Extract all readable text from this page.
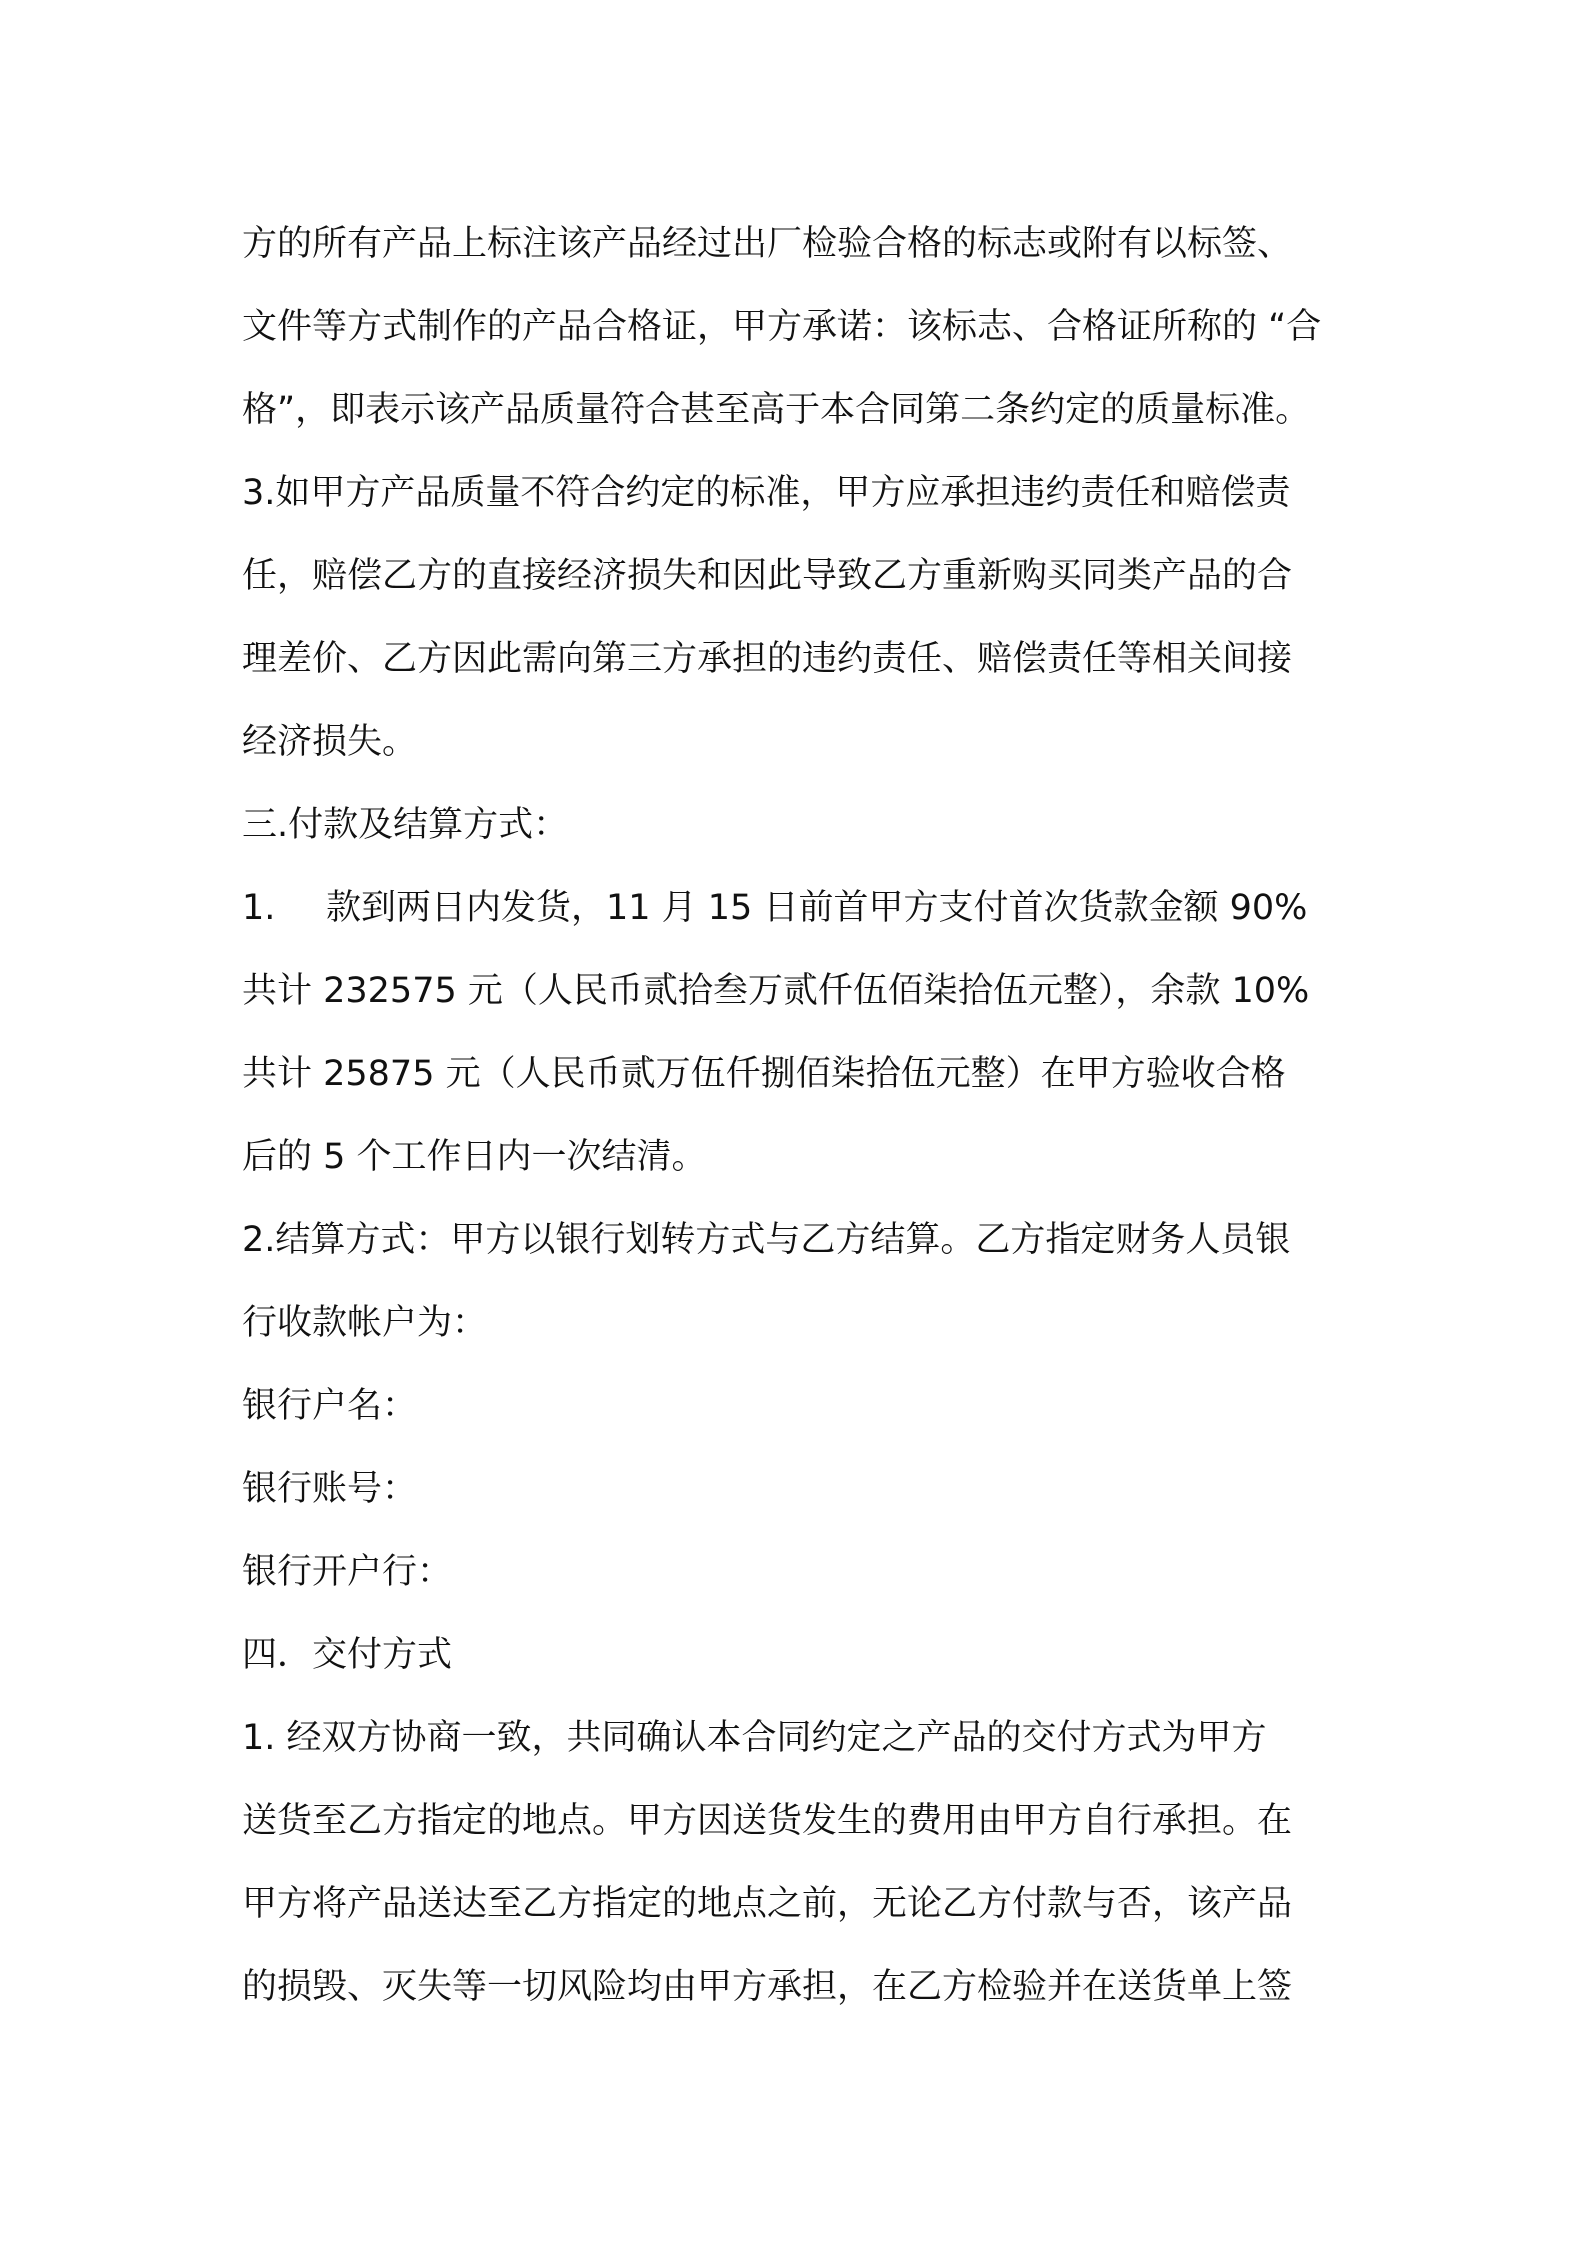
方的所有产品上标注该产品经过出厂检验合格的标志或附有以标签、
文件等方式制作的产品合格证，甲方承诺：该标志、合格证所称的 “合
格”，即表示该产品质量符合甚至高于本合同第二条约定的质量标准。
3.如甲方产品质量不符合约定的标准，甲方应承担违约责任和赔偿责
任，赔偿乙方的直接经济损失和因此导致乙方重新购买同类产品的合
理差价、乙方因此需向第三方承担的违约责任、赔偿责任等相关间接
经济损失。
三.付款及结算方式：
1. 款到两日内发货，11 月 15 日前首甲方支付首次货款金额 90%
共计 232575 元（人民币贰拾叁万贰仟伍佰柒拾伍元整），余款 10%
共计 25875 元（人民币贰万伍仟捌佰柒拾伍元整）在甲方验收合格
后的 5 个工作日内一次结清。
2.结算方式：甲方以银行划转方式与乙方结算。乙方指定财务人员银
行收款帐户为：
银行户名：
银行账号：
银行开户行：
四．交付方式
1. 经双方协商一致，共同确认本合同约定之产品的交付方式为甲方
送货至乙方指定的地点。甲方因送货发生的费用由甲方自行承担。在
甲方将产品送达至乙方指定的地点之前，无论乙方付款与否，该产品
的损毁、灭失等一切风险均由甲方承担，在乙方检验并在送货单上签
